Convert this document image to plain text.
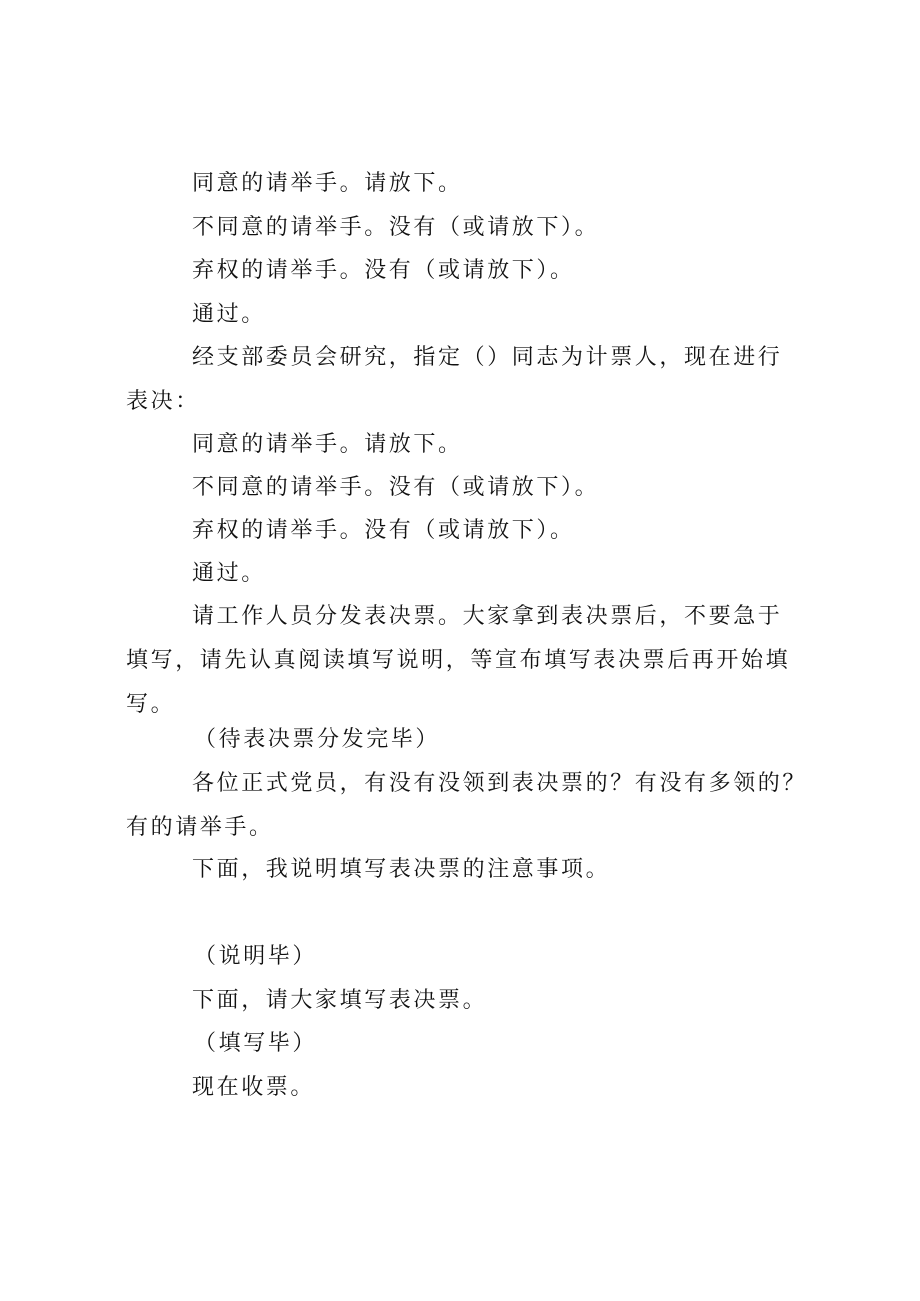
同意的请举手。请放下。
不同意的请举手。没有（或请放下）。
弃权的请举手。没有（或请放下）。
通过。
经支部委员会研究，指定（）同志为计票人，现在进行
表决：
同意的请举手。请放下。
不同意的请举手。没有（或请放下）。
弃权的请举手。没有（或请放下）。
通过。
请工作人员分发表决票。大家拿到表决票后，不要急于
填写，请先认真阅读填写说明，等宣布填写表决票后再开始填
写。
（待表决票分发完毕）
各位正式党员，有没有没领到表决票的？有没有多领的？
有的请举手。
下面，我说明填写表决票的注意事项。
（说明毕）
下面，请大家填写表决票。
（填写毕）
现在收票。
